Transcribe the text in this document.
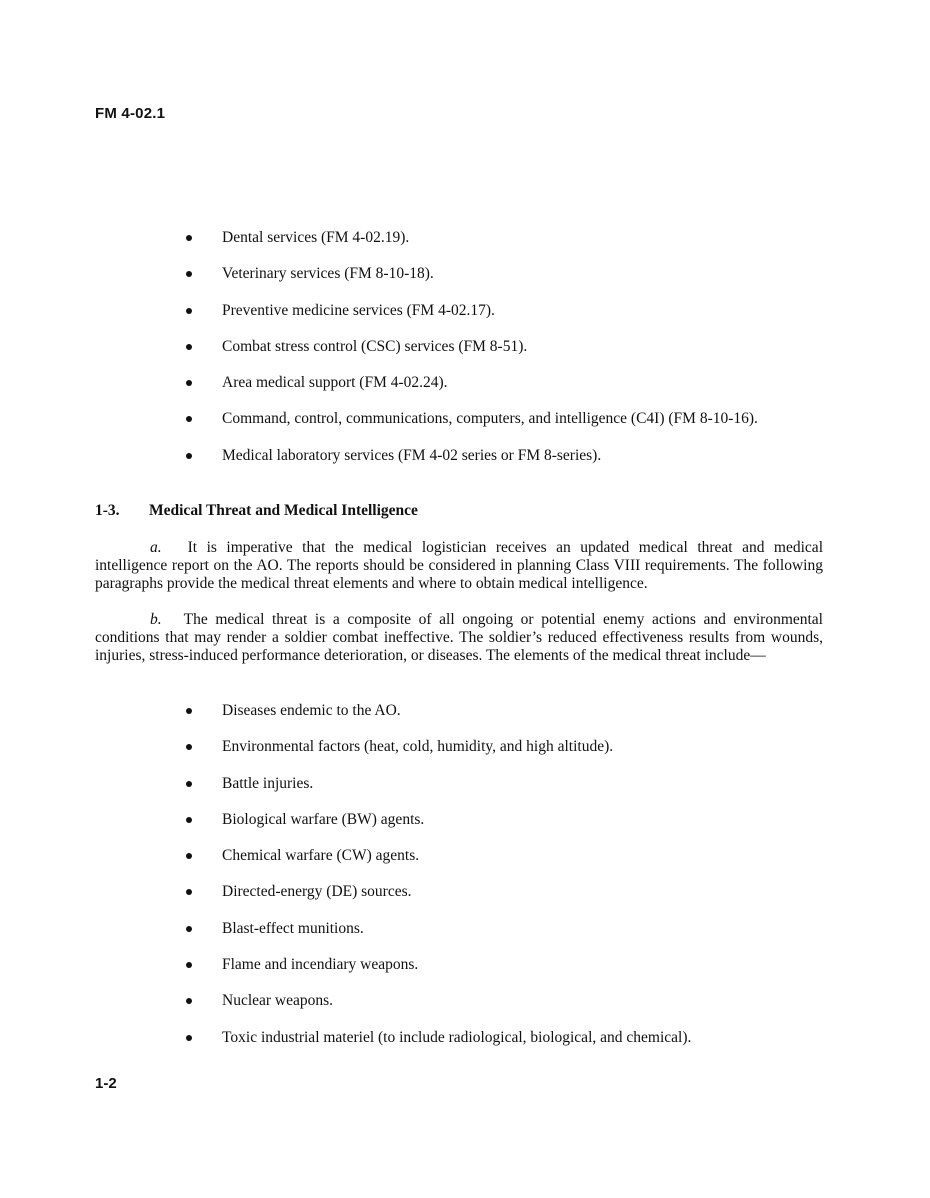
FM 4-02.1
Dental services (FM 4-02.19).
Veterinary services (FM 8-10-18).
Preventive medicine services (FM 4-02.17).
Combat stress control (CSC) services (FM 8-51).
Area medical support (FM 4-02.24).
Command, control, communications, computers, and intelligence (C4I) (FM 8-10-16).
Medical laboratory services (FM 4-02 series or FM 8-series).
1-3. Medical Threat and Medical Intelligence
a. It is imperative that the medical logistician receives an updated medical threat and medical intelligence report on the AO. The reports should be considered in planning Class VIII requirements. The following paragraphs provide the medical threat elements and where to obtain medical intelligence.
b. The medical threat is a composite of all ongoing or potential enemy actions and environmental conditions that may render a soldier combat ineffective. The soldier’s reduced effectiveness results from wounds, injuries, stress-induced performance deterioration, or diseases. The elements of the medical threat include—
Diseases endemic to the AO.
Environmental factors (heat, cold, humidity, and high altitude).
Battle injuries.
Biological warfare (BW) agents.
Chemical warfare (CW) agents.
Directed-energy (DE) sources.
Blast-effect munitions.
Flame and incendiary weapons.
Nuclear weapons.
Toxic industrial materiel (to include radiological, biological, and chemical).
1-2
